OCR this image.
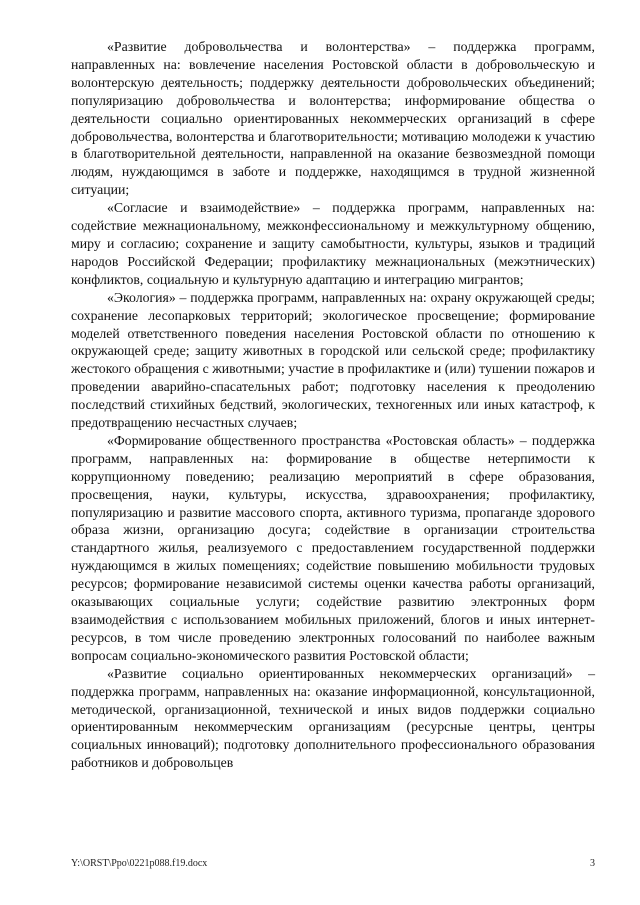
«Развитие добровольчества и волонтерства» – поддержка программ, направленных на: вовлечение населения Ростовской области в добровольческую и волонтерскую деятельность; поддержку деятельности добровольческих объединений; популяризацию добровольчества и волонтерства; информирование общества о деятельности социально ориентированных некоммерческих организаций в сфере добровольчества, волонтерства и благотворительности; мотивацию молодежи к участию в благотворительной деятельности, направленной на оказание безвозмездной помощи людям, нуждающимся в заботе и поддержке, находящимся в трудной жизненной ситуации;

«Согласие и взаимодействие» – поддержка программ, направленных на: содействие межнациональному, межконфессиональному и межкультурному общению, миру и согласию; сохранение и защиту самобытности, культуры, языков и традиций народов Российской Федерации; профилактику межнациональных (межэтнических) конфликтов, социальную и культурную адаптацию и интеграцию мигрантов;

«Экология» – поддержка программ, направленных на: охрану окружающей среды; сохранение лесопарковых территорий; экологическое просвещение; формирование моделей ответственного поведения населения Ростовской области по отношению к окружающей среде; защиту животных в городской или сельской среде; профилактику жестокого обращения с животными; участие в профилактике и (или) тушении пожаров и проведении аварийно-спасательных работ; подготовку населения к преодолению последствий стихийных бедствий, экологических, техногенных или иных катастроф, к предотвращению несчастных случаев;

«Формирование общественного пространства «Ростовская область» – поддержка программ, направленных на: формирование в обществе нетерпимости к коррупционному поведению; реализацию мероприятий в сфере образования, просвещения, науки, культуры, искусства, здравоохранения; профилактику, популяризацию и развитие массового спорта, активного туризма, пропаганде здорового образа жизни, организацию досуга; содействие в организации строительства стандартного жилья, реализуемого с предоставлением государственной поддержки нуждающимся в жилых помещениях; содействие повышению мобильности трудовых ресурсов; формирование независимой системы оценки качества работы организаций, оказывающих социальные услуги; содействие развитию электронных форм взаимодействия с использованием мобильных приложений, блогов и иных интернет-ресурсов, в том числе проведению электронных голосований по наиболее важным вопросам социально-экономического развития Ростовской области;

«Развитие социально ориентированных некоммерческих организаций» – поддержка программ, направленных на: оказание информационной, консультационной, методической, организационной, технической и иных видов поддержки социально ориентированным некоммерческим организациям (ресурсные центры, центры социальных инноваций); подготовку дополнительного профессионального образования работников и добровольцев

Y:\ORST\Ppo\0221p088.f19.docx	3
